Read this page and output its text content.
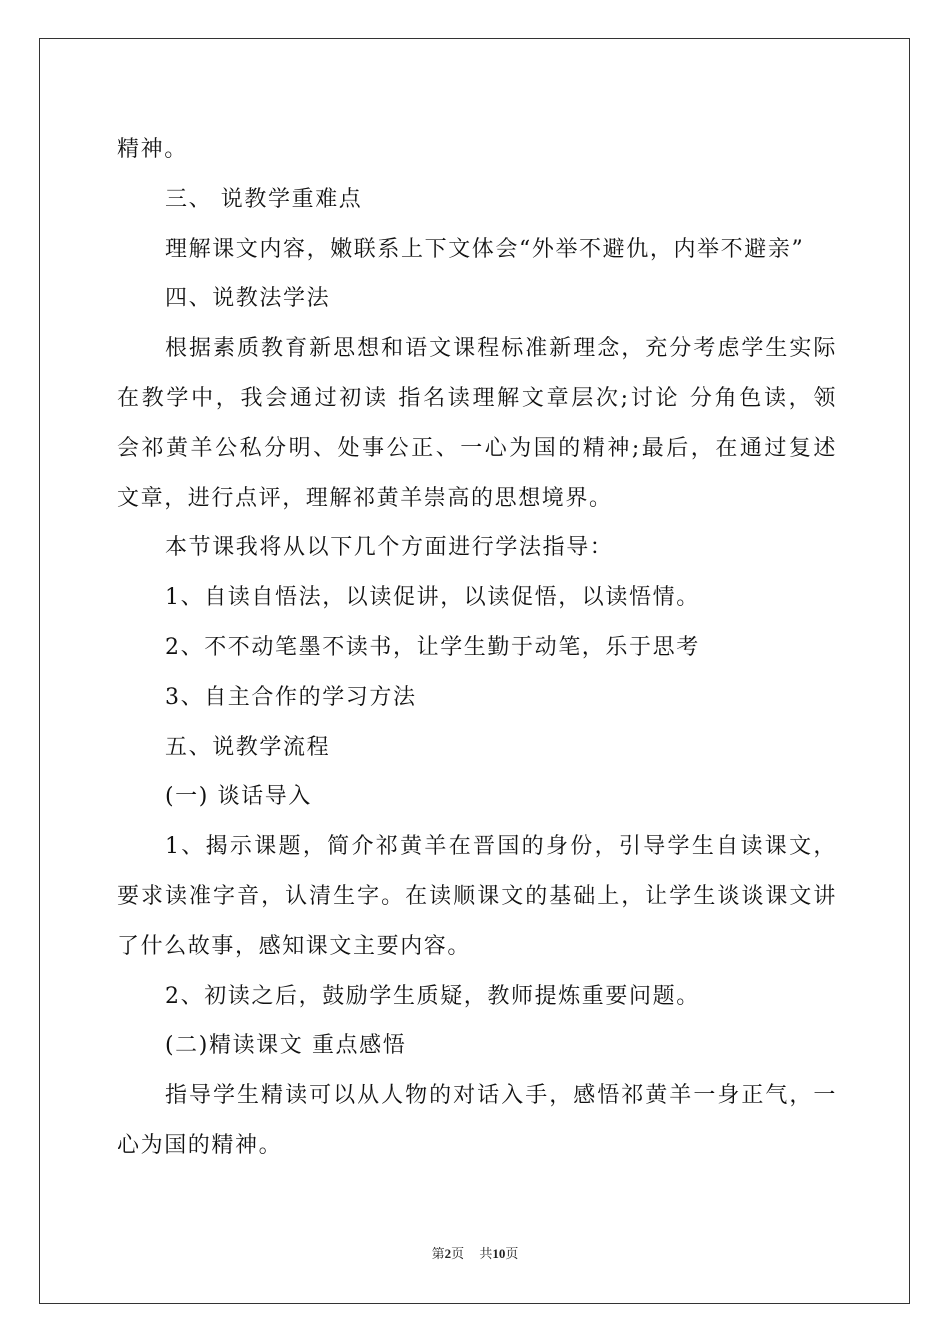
精神。
三、 说教学重难点
理解课文内容，嫩联系上下文体会“外举不避仇，内举不避亲”
四、说教法学法
根据素质教育新思想和语文课程标准新理念，充分考虑学生实际
在教学中，我会通过初读 指名读理解文章层次;讨论 分角色读，领
会祁黄羊公私分明、处事公正、一心为国的精神;最后，在通过复述
文章，进行点评，理解祁黄羊崇高的思想境界。
本节课我将从以下几个方面进行学法指导：
1、自读自悟法，以读促讲，以读促悟，以读悟情。
2、不不动笔墨不读书，让学生勤于动笔，乐于思考
3、自主合作的学习方法
五、说教学流程
(一) 谈话导入
1、揭示课题，简介祁黄羊在晋国的身份，引导学生自读课文，
要求读准字音，认清生字。在读顺课文的基础上，让学生谈谈课文讲
了什么故事，感知课文主要内容。
2、初读之后，鼓励学生质疑，教师提炼重要问题。
(二)精读课文 重点感悟
指导学生精读可以从人物的对话入手，感悟祁黄羊一身正气，一
心为国的精神。
第2页 共10页
